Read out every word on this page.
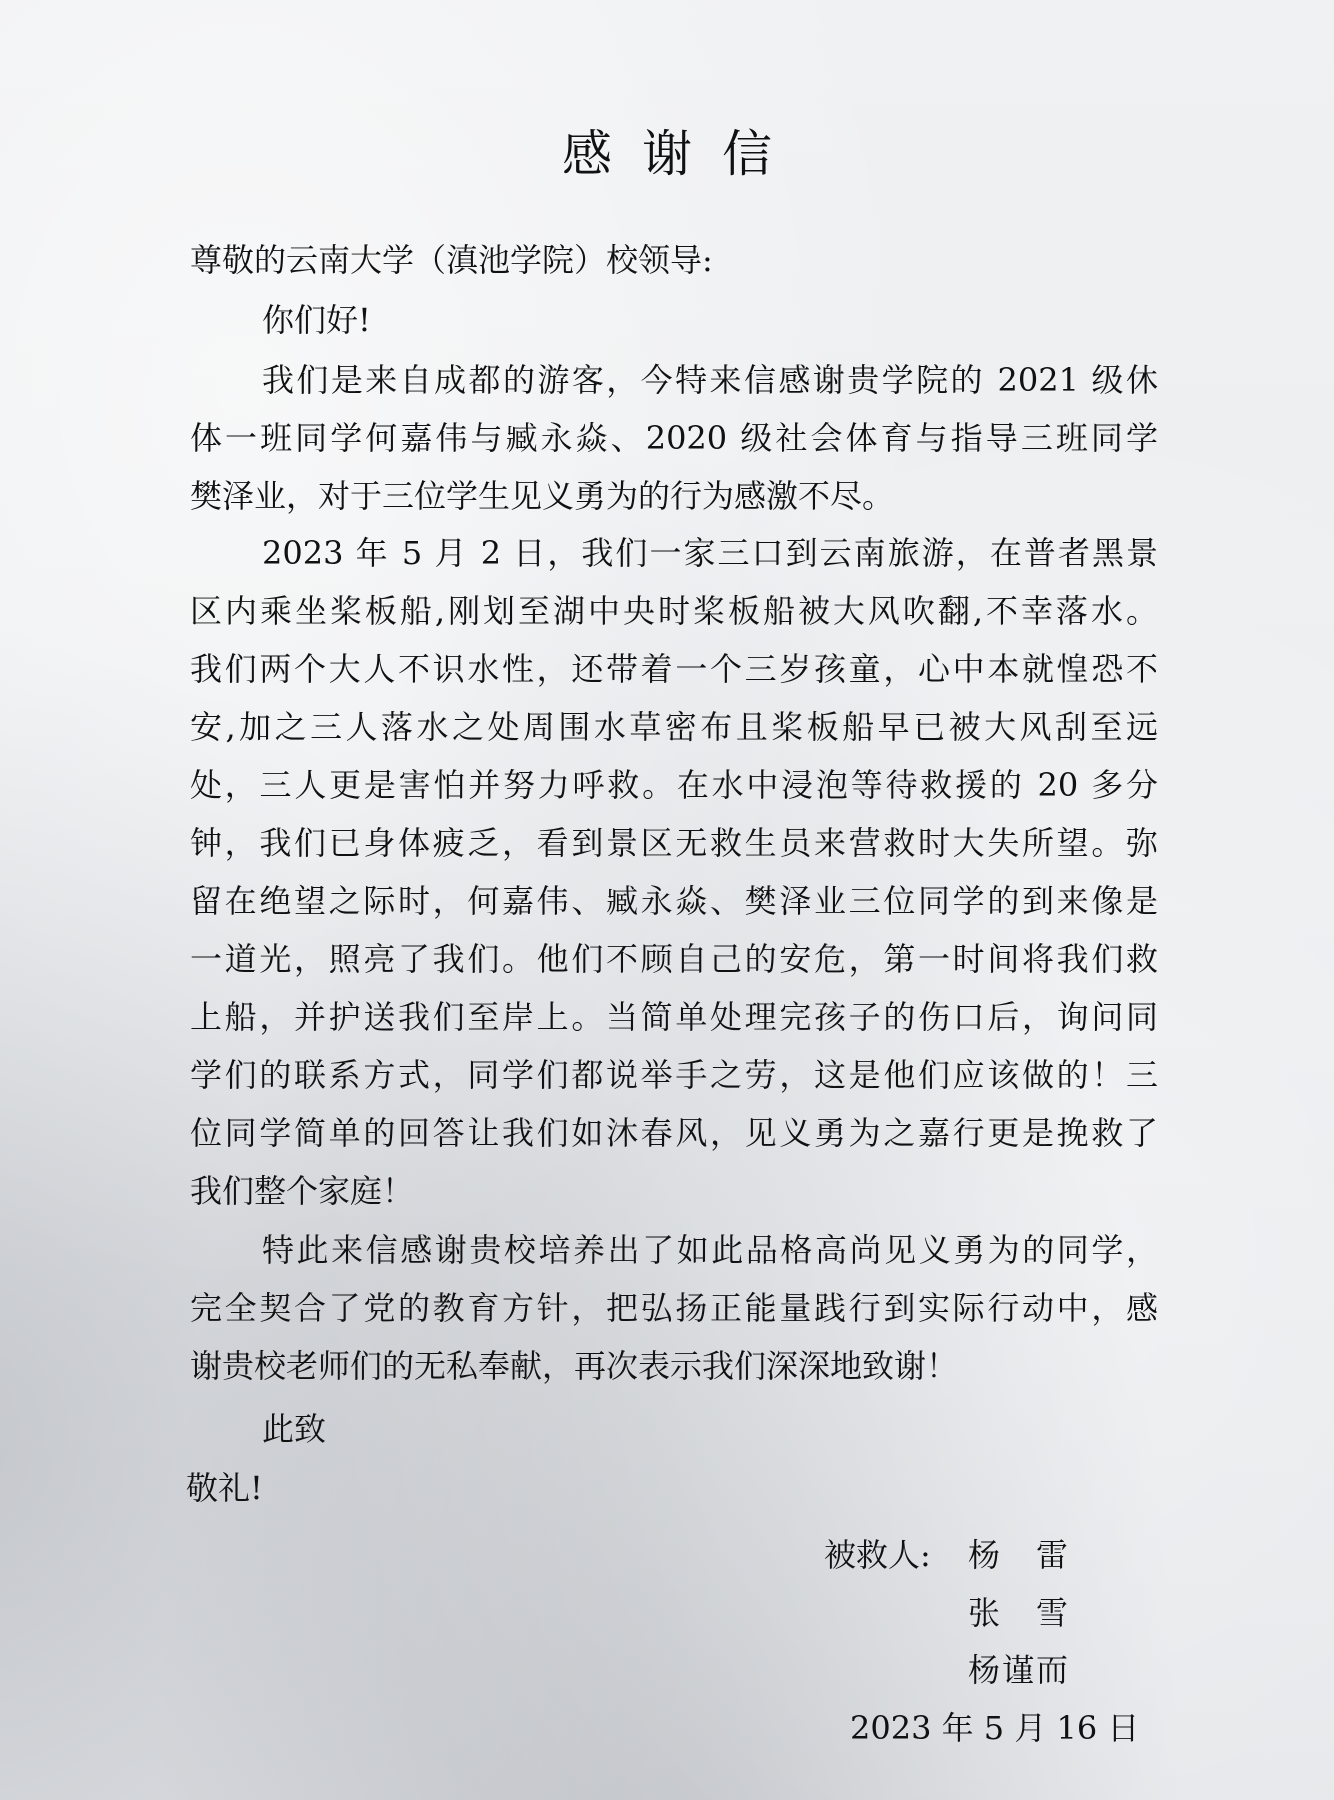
感谢信
尊敬的云南大学（滇池学院）校领导:
你们好!
我们是来自成都的游客，今特来信感谢贵学院的 2021 级休
体一班同学何嘉伟与臧永焱、2020 级社会体育与指导三班同学
樊泽业，对于三位学生见义勇为的行为感激不尽。
2023 年 5 月 2 日，我们一家三口到云南旅游，在普者黑景
区内乘坐桨板船,刚划至湖中央时桨板船被大风吹翻,不幸落水。
我们两个大人不识水性，还带着一个三岁孩童，心中本就惶恐不
安,加之三人落水之处周围水草密布且桨板船早已被大风刮至远
处，三人更是害怕并努力呼救。在水中浸泡等待救援的 20 多分
钟，我们已身体疲乏，看到景区无救生员来营救时大失所望。弥
留在绝望之际时，何嘉伟、臧永焱、樊泽业三位同学的到来像是
一道光，照亮了我们。他们不顾自己的安危，第一时间将我们救
上船，并护送我们至岸上。当简单处理完孩子的伤口后，询问同
学们的联系方式，同学们都说举手之劳，这是他们应该做的！三
位同学简单的回答让我们如沐春风，见义勇为之嘉行更是挽救了
我们整个家庭！
特此来信感谢贵校培养出了如此品格高尚见义勇为的同学，
完全契合了党的教育方针，把弘扬正能量践行到实际行动中，感
谢贵校老师们的无私奉献，再次表示我们深深地致谢！
此致
敬礼!
被救人: 杨　雷
张　雪
杨谨而
2023 年 5 月 16 日
